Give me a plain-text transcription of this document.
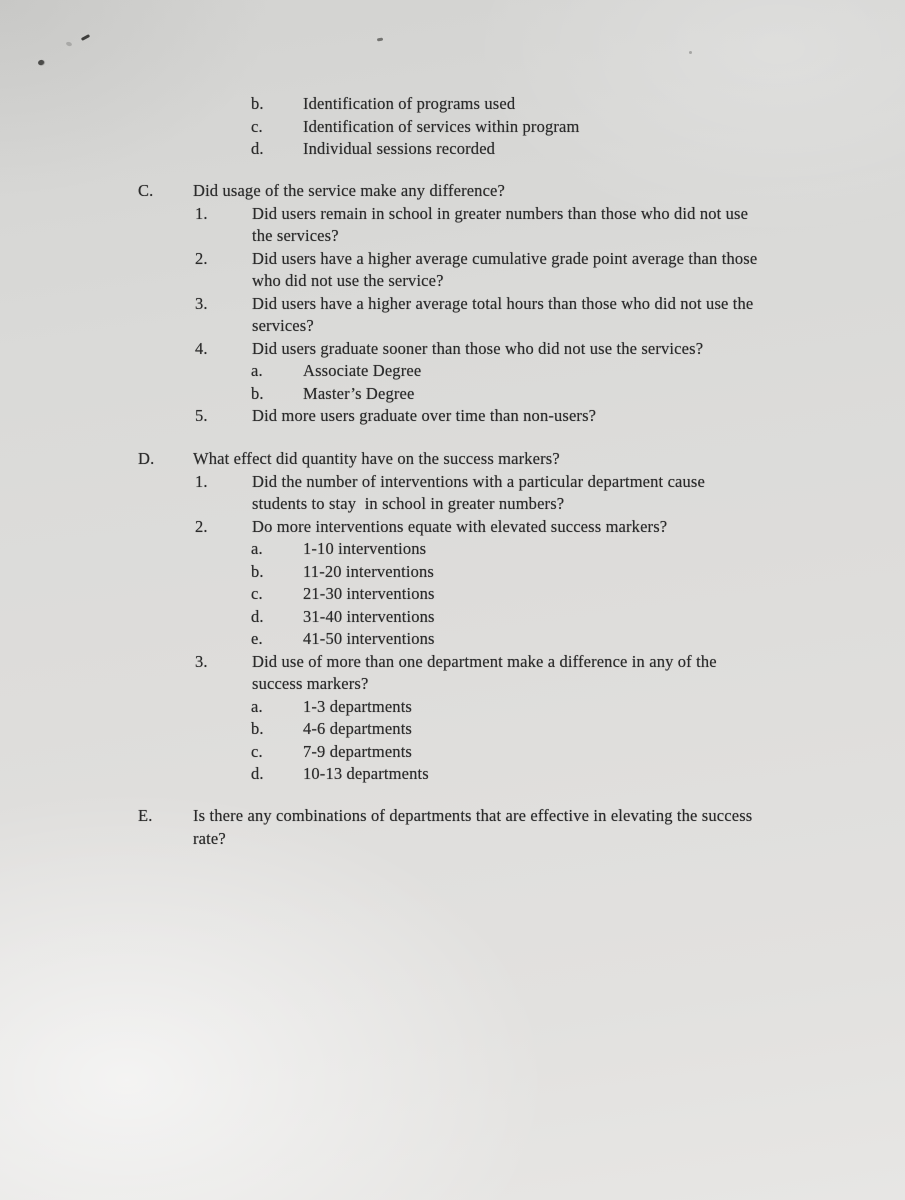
b.	Identification of programs used
c.	Identification of services within program
d.	Individual sessions recorded
C.	Did usage of the service make any difference?
1.	Did users remain in school in greater numbers than those who did not use
the services?
2.	Did users have a higher average cumulative grade point average than those
who did not use the service?
3.	Did users have a higher average total hours than those who did not use the
services?
4.	Did users graduate sooner than those who did not use the services?
a.	Associate Degree
b.	Master’s Degree
5.	Did more users graduate over time than non-users?
D.	What effect did quantity have on the success markers?
1.	Did the number of interventions with a particular department cause
students to stay  in school in greater numbers?
2.	Do more interventions equate with elevated success markers?
a.	1-10 interventions
b.	11-20 interventions
c.	21-30 interventions
d.	31-40 interventions
e.	41-50 interventions
3.	Did use of more than one department make a difference in any of the
success markers?
a.	1-3 departments
b.	4-6 departments
c.	7-9 departments
d.	10-13 departments
E.	Is there any combinations of departments that are effective in elevating the success
rate?
